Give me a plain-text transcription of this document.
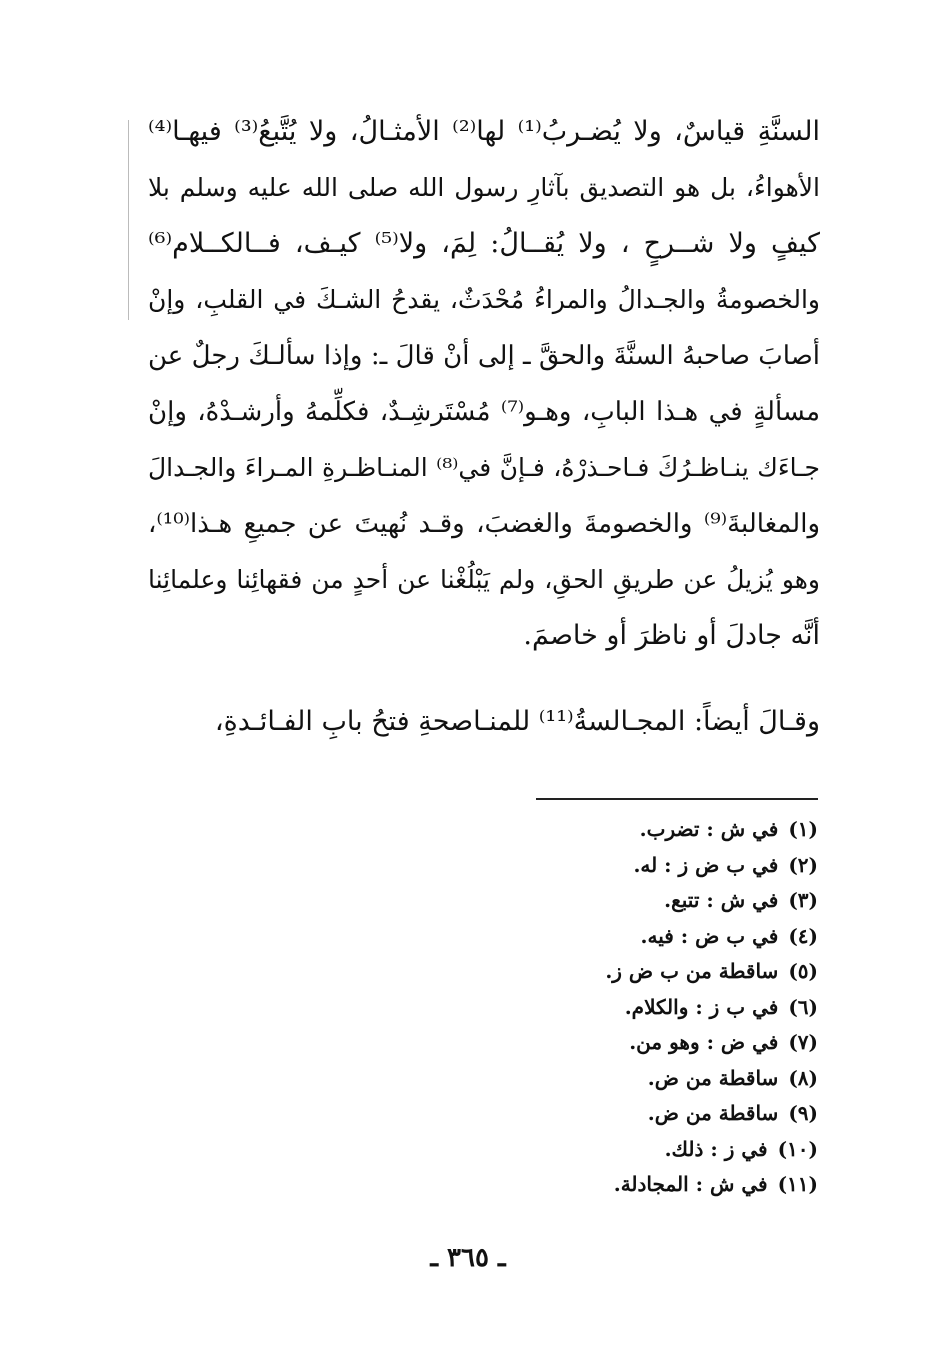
السنَّةِ قياسٌ، ولا يُضـربُ⁽¹⁾ لها⁽²⁾ الأمثـالُ، ولا يُتَّبعُ⁽³⁾ فيهـا⁽⁴⁾
الأهواءُ، بل هو التصديق بآثارِ رسول الله صلى الله عليه وسلم بلا
كيفٍ ولا شــرحٍ ، ولا يُقــالُ: لِمَ، ولا⁽⁵⁾ كيـف، فــالكــلام⁽⁶⁾
والخصومةُ والجـدالُ والمراءُ مُحْدَثٌ، يقدحُ الشـكَ في القلبِ، وإنْ
أصابَ صاحبهُ السنَّةَ والحقَّ ـ إلى أنْ قالَ ـ: وإذا سألـكَ رجلٌ عن
مسألةٍ في هـذا البابِ، وهـو⁽⁷⁾ مُسْتَرشِـدٌ، فكلِّمهُ وأرشـدْهُ، وإنْ
جـاءَك ينـاظـرُكَ فـاحـذرْهُ، فـإنَّ في⁽⁸⁾ المنـاظـرةِ المـراءَ والجـدالَ
والمغالبةَ⁽⁹⁾ والخصومةَ والغضبَ، وقـد نُهيتَ عن جميعِ هـذا⁽¹⁰⁾،
وهو يُزيلُ عن طريقِ الحقِ، ولم يَبْلُغْنا عن أحدٍ من فقهائِنا وعلمائِنا
أنَّه جادلَ أو ناظرَ أو خاصمَ.
وقـالَ أيضاً: المجـالسةُ⁽¹¹⁾ للمنـاصحةِ فتحُ بابِ الفـائـدةِ،
(١)في ش : تضرب.
(٢)في ب ض ز : له.
(٣)في ش : تتبع.
(٤)في ب ض : فيه.
(٥)ساقطة من ب ض ز.
(٦)في ب ز : والكلام.
(٧)في ض : وهو من.
(٨)ساقطة من ض.
(٩)ساقطة من ض.
(١٠)في ز : ذلك.
(١١)في ش : المجادلة.
ـ ٣٦٥ ـ
